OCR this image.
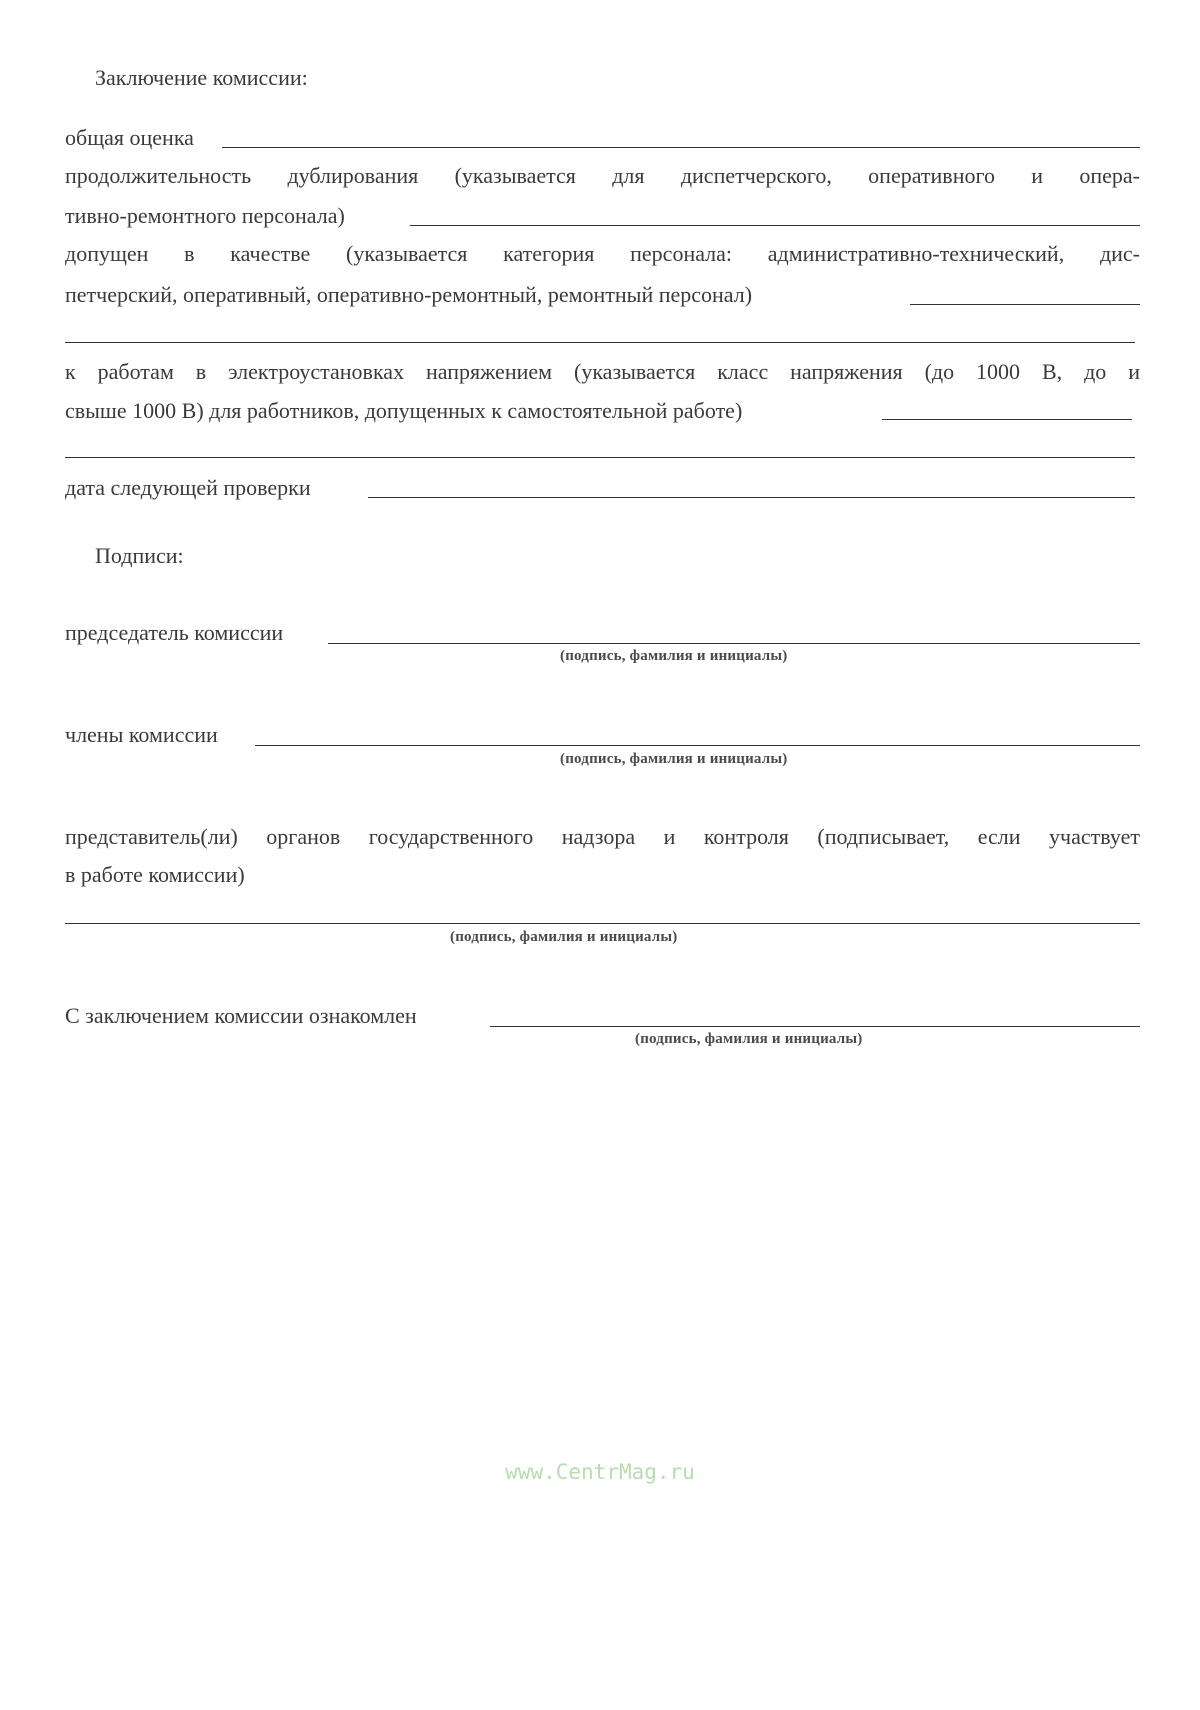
Заключение комиссии:
общая оценка
продолжительность дублирования (указывается для диспетчерского, оперативного и опера-
тивно-ремонтного персонала)
допущен в качестве (указывается категория персонала: административно-технический, дис-
петчерский, оперативный, оперативно-ремонтный, ремонтный персонал)
к работам в электроустановках напряжением (указывается класс напряжения (до 1000 В, до и
свыше 1000 В) для работников, допущенных к самостоятельной работе)
дата следующей проверки
Подписи:
председатель комиссии
(подпись, фамилия и инициалы)
члены комиссии
(подпись, фамилия и инициалы)
представитель(ли) органов государственного надзора и контроля (подписывает, если участвует
в работе комиссии)
(подпись, фамилия и инициалы)
С заключением комиссии ознакомлен
(подпись, фамилия и инициалы)
www.CentrMag.ru
